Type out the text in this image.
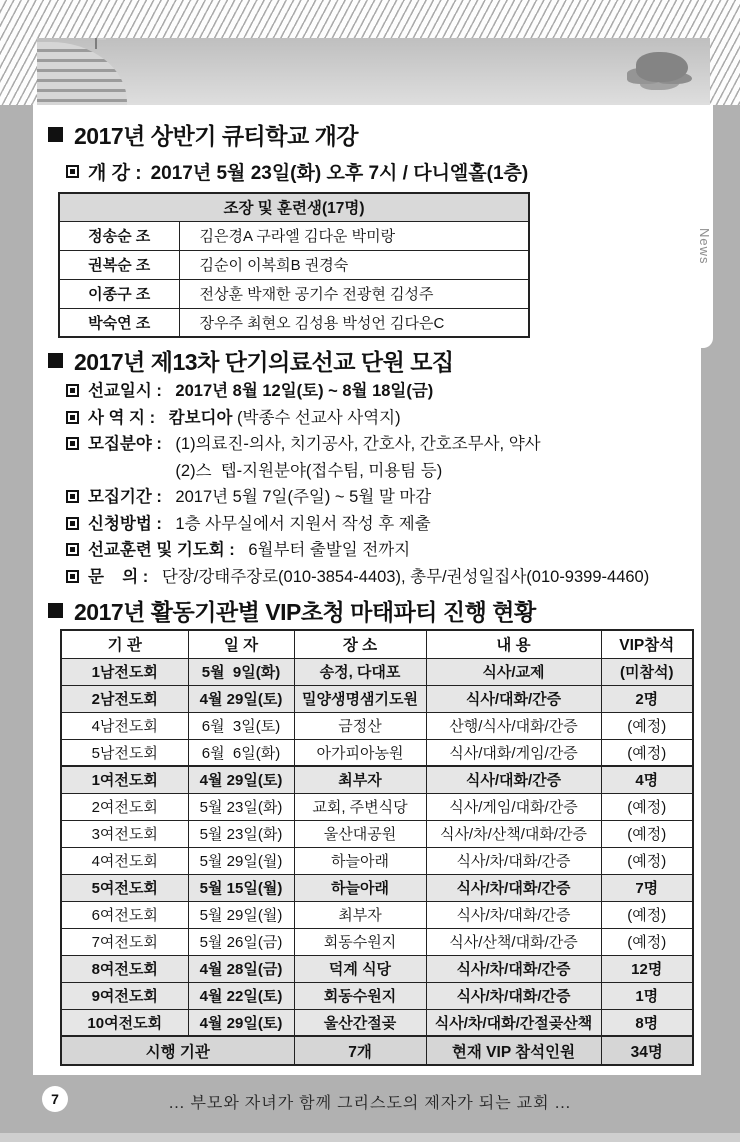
News
2017년 상반기 큐티학교 개강
개 강 : 2017년 5월 23일(화) 오후 7시 / 다니엘홀(1층)
조장 및 훈련생(17명)	
정송순 조	김은경A 구라엘 김다운 박미랑
권복순 조	김순이 이복희B 권경숙
이종구 조	전상훈 박재한 공기수 전광현 김성주
박숙연 조	장우주 최현오 김성용 박성언 김다은C
2017년 제13차 단기의료선교 단원 모집
선교일시 : 2017년 8월 12일(토) ~ 8월 18일(금)
사 역 지 : 캄보디아 (박종수 선교사 사역지)
모집분야 : (1)의료진-의사, 치기공사, 간호사, 간호조무사, 약사
(2)스  텝-지원분야(접수팀, 미용팀 등)
모집기간 : 2017년 5월 7일(주일) ~ 5월 말 마감
신청방법 : 1층 사무실에서 지원서 작성 후 제출
선교훈련 및 기도회 : 6월부터 출발일 전까지
문    의 : 단장/강태주장로(010-3854-4403), 총무/권성일집사(010-9399-4460)
2017년 활동기관별 VIP초청 마태파티 진행 현황
기 관	일 자	장 소	내 용	VIP참석
1남전도회	5월  9일(화)	송정, 다대포	식사/교제	(미참석)
2남전도회	4월 29일(토)	밀양생명샘기도원	식사/대화/간증	2명
4남전도회	6월  3일(토)	금정산	산행/식사/대화/간증	(예정)
5남전도회	6월  6일(화)	아가피아농원	식사/대화/게임/간증	(예정)
1여전도회	4월 29일(토)	최부자	식사/대화/간증	4명
2여전도회	5월 23일(화)	교회, 주변식당	식사/게임/대화/간증	(예정)
3여전도회	5월 23일(화)	울산대공원	식사/차/산책/대화/간증	(예정)
4여전도회	5월 29일(월)	하늘아래	식사/차/대화/간증	(예정)
5여전도회	5월 15일(월)	하늘아래	식사/차/대화/간증	7명
6여전도회	5월 29일(월)	최부자	식사/차/대화/간증	(예정)
7여전도회	5월 26일(금)	회동수원지	식사/산책/대화/간증	(예정)
8여전도회	4월 28일(금)	덕계 식당	식사/차/대화/간증	12명
9여전도회	4월 22일(토)	회동수원지	식사/차/대화/간증	1명
10여전도회	4월 29일(토)	울산간절곶	식사/차/대화/간절곶산책	8명
시행 기관		7개	현재 VIP 참석인원	34명
7	… 부모와 자녀가 함께 그리스도의 제자가 되는 교회 …
